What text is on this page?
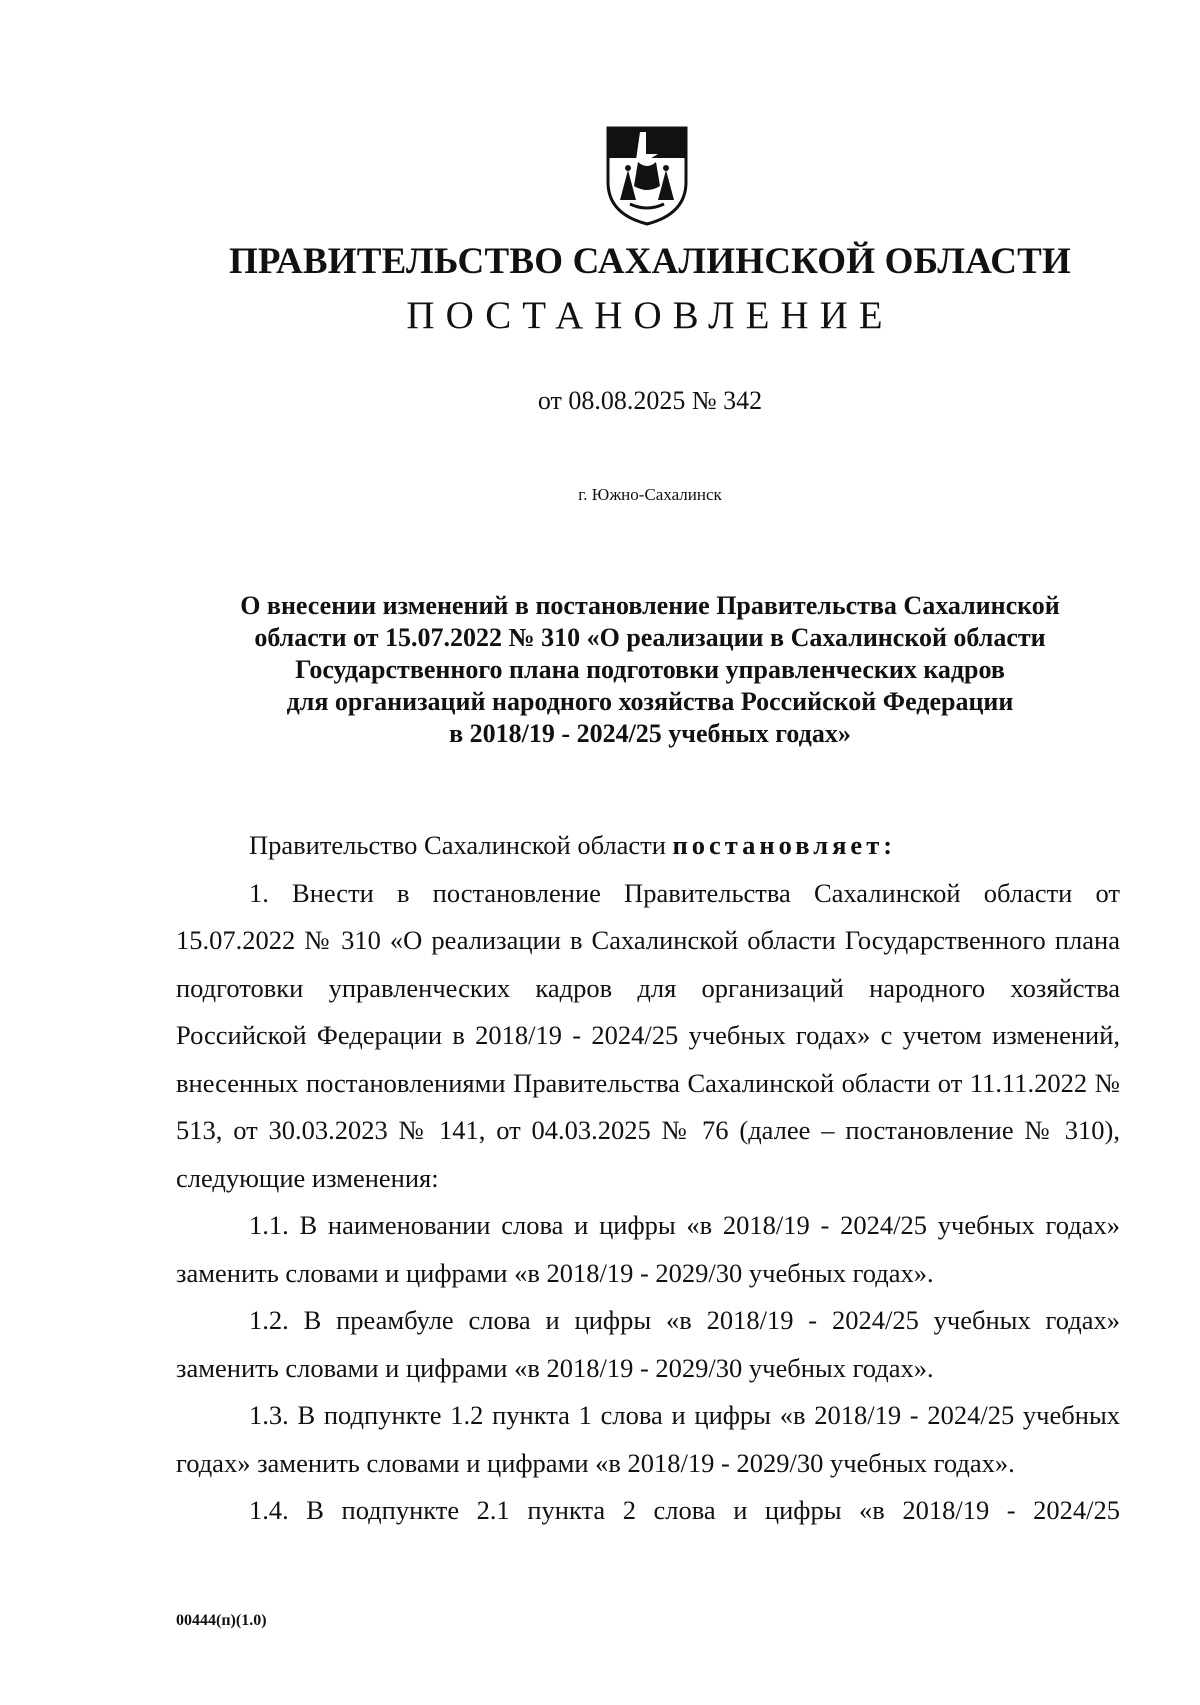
ПРАВИТЕЛЬСТВО САХАЛИНСКОЙ ОБЛАСТИ
ПОСТАНОВЛЕНИЕ
от 08.08.2025 № 342
г. Южно-Сахалинск
О внесении изменений в постановление Правительства Сахалинской
области от 15.07.2022 № 310 «О реализации в Сахалинской области
Государственного плана подготовки управленческих кадров
для организаций народного хозяйства Российской Федерации
в 2018/19 - 2024/25 учебных годах»

Правительство Сахалинской области постановляет:

1. Внести в постановление Правительства Сахалинской области от 15.07.2022 № 310 «О реализации в Сахалинской области Государственного плана подготовки управленческих кадров для организаций народного хозяйства Российской Федерации в 2018/19 - 2024/25 учебных годах» с учетом изменений, внесенных постановлениями Правительства Сахалинской области от 11.11.2022 № 513, от 30.03.2023 № 141, от 04.03.2025 № 76 (далее – постановление № 310), следующие изменения:

1.1. В наименовании слова и цифры «в 2018/19 - 2024/25 учебных годах» заменить словами и цифрами «в 2018/19 - 2029/30 учебных годах».

1.2. В преамбуле слова и цифры «в 2018/19 - 2024/25 учебных годах» заменить словами и цифрами «в 2018/19 - 2029/30 учебных годах».

1.3. В подпункте 1.2 пункта 1 слова и цифры «в 2018/19 - 2024/25 учебных годах» заменить словами и цифрами «в 2018/19 - 2029/30 учебных годах».

1.4. В подпункте 2.1 пункта 2 слова и цифры «в 2018/19 - 2024/25

00444(п)(1.0)
